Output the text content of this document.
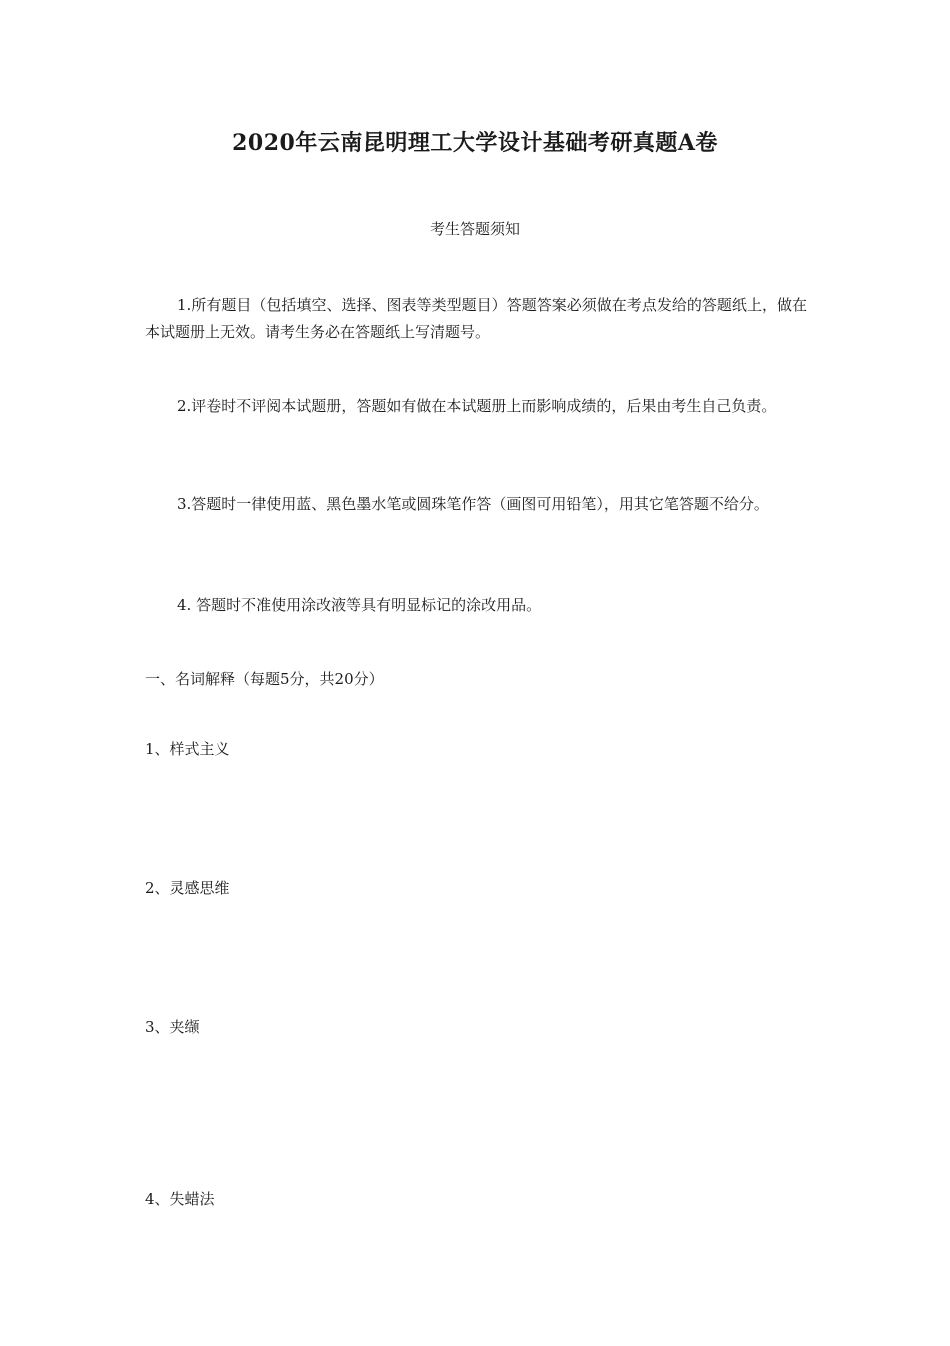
2020年云南昆明理工大学设计基础考研真题A卷
考生答题须知
1.所有题目（包括填空、选择、图表等类型题目）答题答案必须做在考点发给的答题纸上，做在本试题册上无效。请考生务必在答题纸上写清题号。
2.评卷时不评阅本试题册，答题如有做在本试题册上而影响成绩的，后果由考生自己负责。
3.答题时一律使用蓝、黑色墨水笔或圆珠笔作答（画图可用铅笔），用其它笔答题不给分。
4. 答题时不准使用涂改液等具有明显标记的涂改用品。
一、名词解释（每题5分，共20分）
1、样式主义
2、灵感思维
3、夹缬
4、失蜡法
